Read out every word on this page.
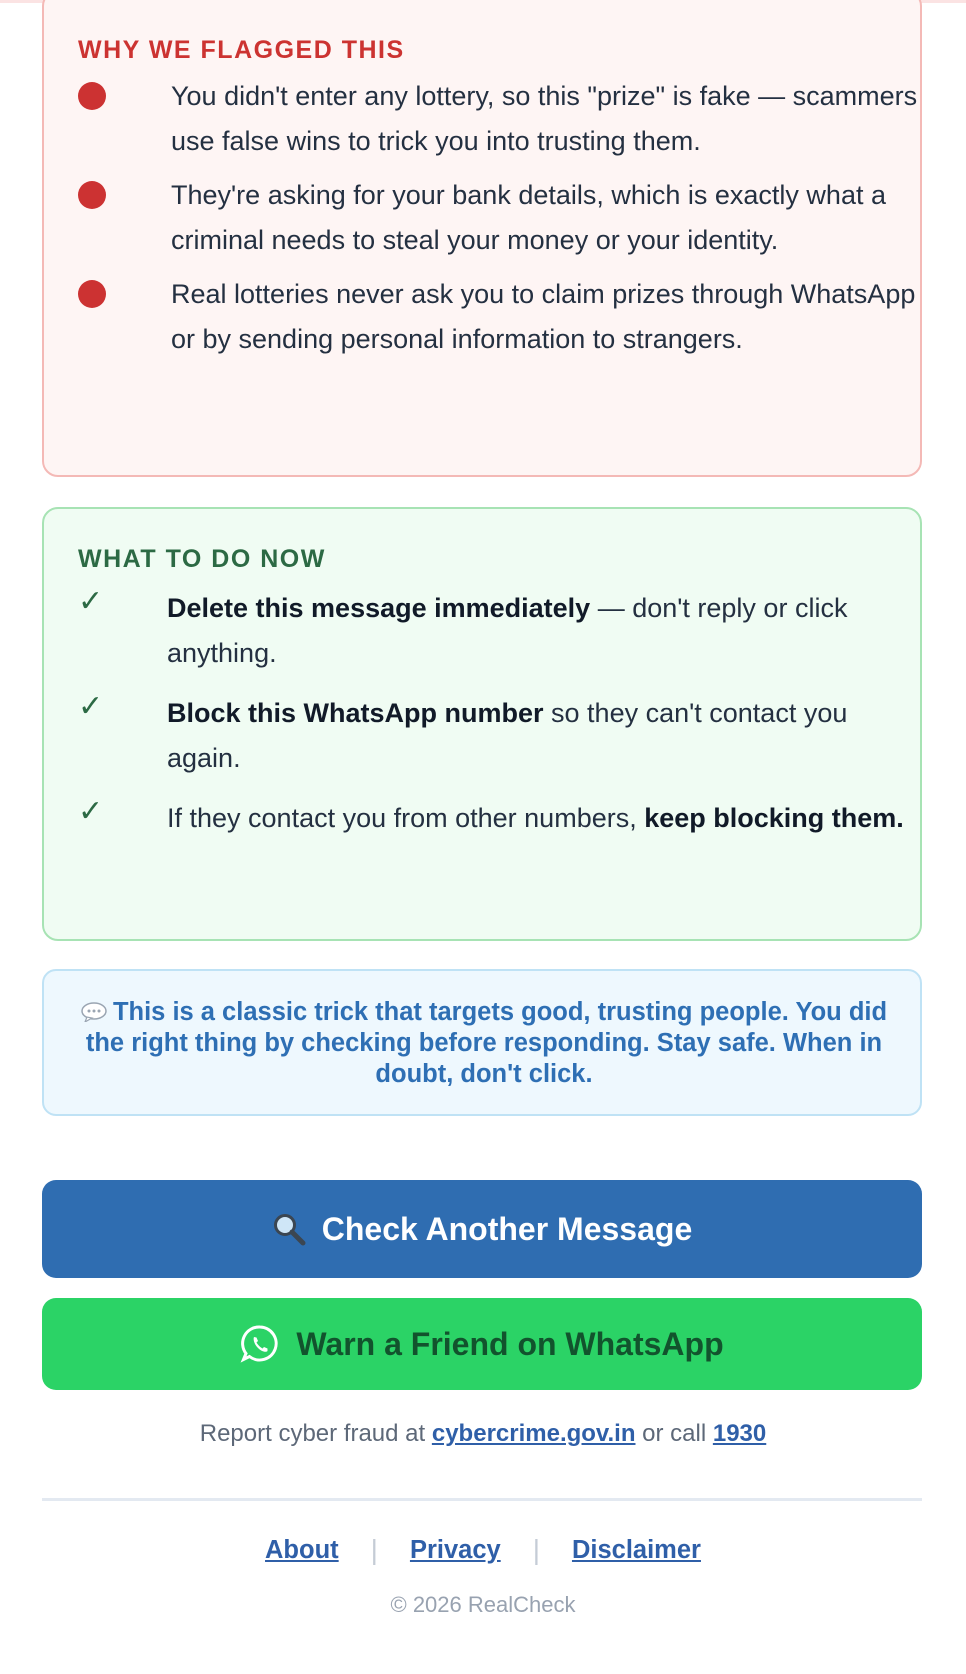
WHY WE FLAGGED THIS

You didn't enter any lottery, so this "prize" is fake — scammers use false wins to trick you into trusting them.

They're asking for your bank details, which is exactly what a criminal needs to steal your money or your identity.

Real lotteries never ask you to claim prizes through WhatsApp or by sending personal information to strangers.

WHAT TO DO NOW
✓ Delete this message immediately — don't reply or click anything.

✓ Block this WhatsApp number so they can't contact you again.

✓ If they contact you from other numbers, keep blocking them.

This is a classic trick that targets good, trusting people. You did the right thing by checking before responding. Stay safe. When in doubt, don't click.

Check Another Message
Warn a Friend on WhatsApp

Report cyber fraud at cybercrime.gov.in or call 1930

About | Privacy | Disclaimer

© 2026 RealCheck
